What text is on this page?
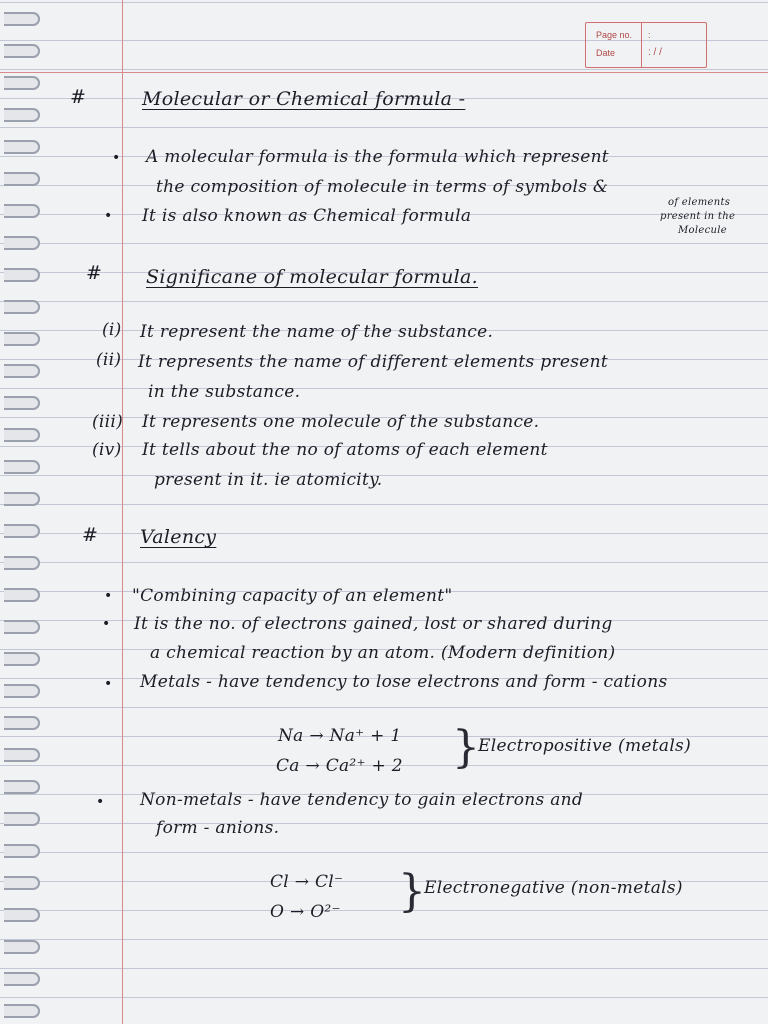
Page no.
Date
:
: / /
#	Molecular or Chemical formula -
• A molecular formula is the formula which represent
the composition of molecule in terms of symbols &
of elements
present in the
Molecule
• It is also known as Chemical formula
# Significane of molecular formula.
(i) It represent the name of the substance.
(ii) It represents the name of different elements present
in the substance.
(iii) It represents one molecule of the substance.
(iv) It tells about the no of atoms of each element
present in it. ie atomicity.
# Valency
• "Combining capacity of an element"
• It is the no. of electrons gained, lost or shared during
a chemical reaction by an atom. (Modern definition)
• Metals - have tendency to lose electrons and form - cations
Na → Na⁺ + 1
Ca → Ca²⁺ + 2 }
Electropositive (metals)
• Non-metals - have tendency to gain electrons and
form - anions.
Cl → Cl⁻
O → O²⁻ }
Electronegative (non-metals)
